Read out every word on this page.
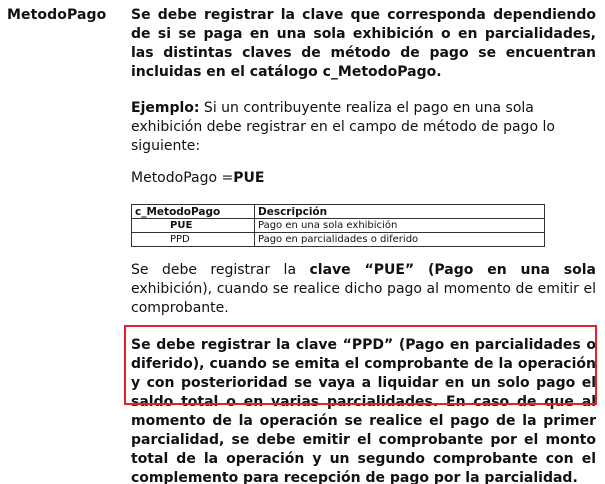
MetodoPago Se debe registrar la clave que corresponda dependiendo de si se paga en una sola exhibición o en parcialidades, las distintas claves de método de pago se encuentran incluidas en el catálogo c_MetodoPago.

Ejemplo: Si un contribuyente realiza el pago en una sola exhibición debe registrar en el campo de método de pago lo siguiente:

MetodoPago =PUE

c_MetodoPago	Descripción
PUE	Pago en una sola exhibición
PPD	Pago en parcialidades o diferido

Se debe registrar la clave “PUE” (Pago en una sola exhibición), cuando se realice dicho pago al momento de emitir el comprobante.

Se debe registrar la clave “PPD” (Pago en parcialidades o diferido), cuando se emita el comprobante de la operación y con posterioridad se vaya a liquidar en un solo pago el saldo total o en varias parcialidades. En caso de que al momento de la operación se realice el pago de la primer parcialidad, se debe emitir el comprobante por el monto total de la operación y un segundo comprobante con el complemento para recepción de pago por la parcialidad.
